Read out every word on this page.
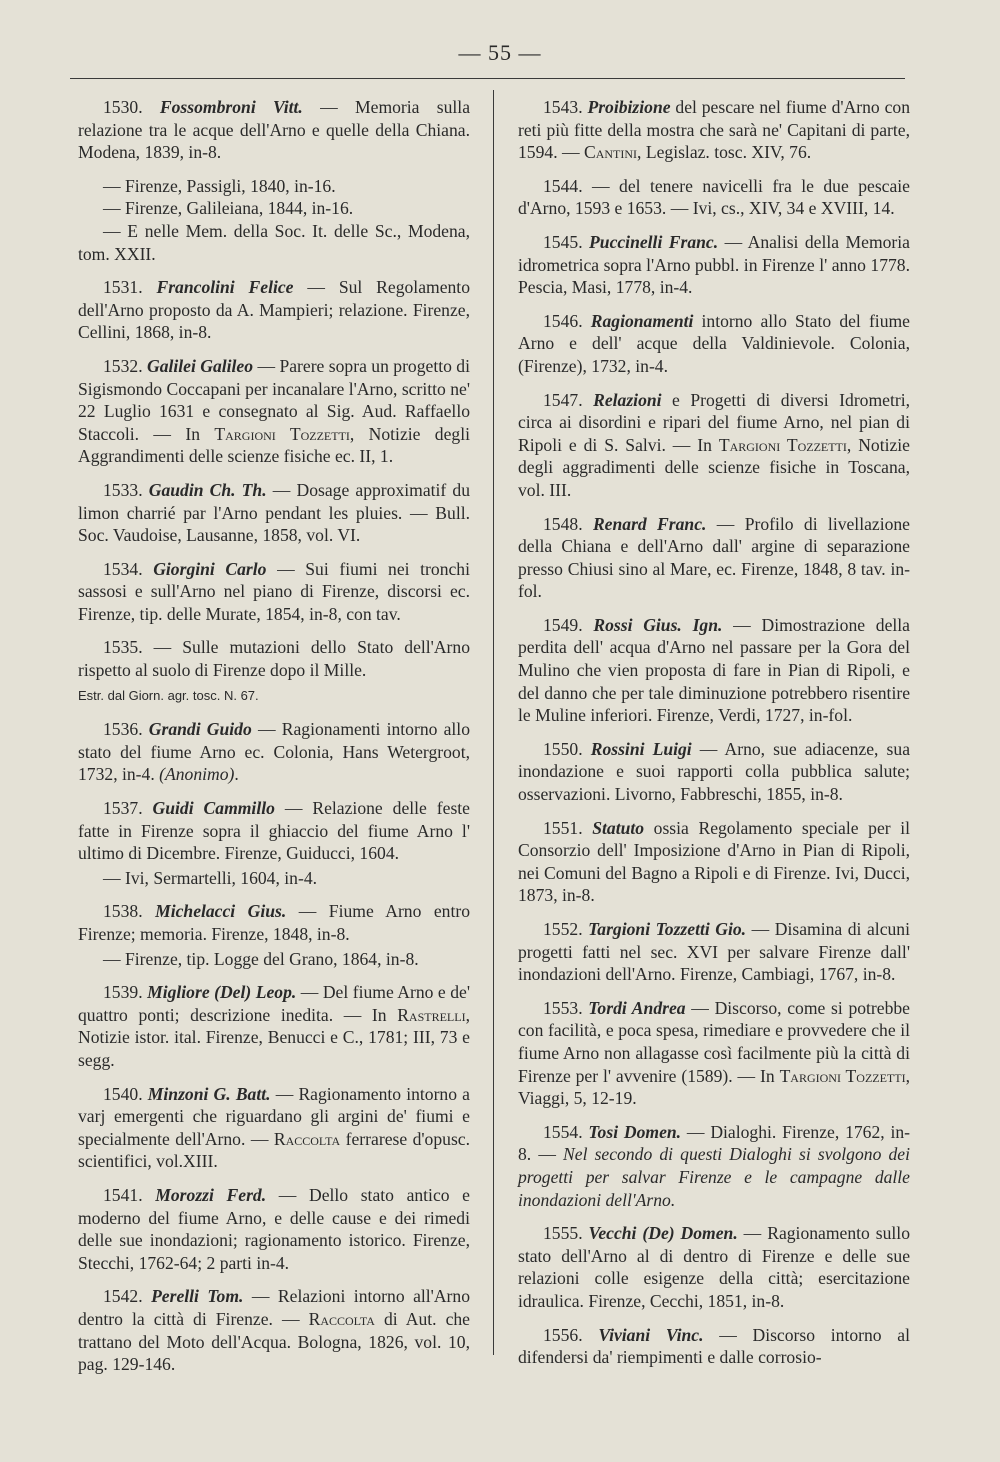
— 55 —

1530. Fossombroni Vitt. — Memoria sulla relazione tra le acque dell'Arno e quelle della Chiana. Modena, 1839, in-8.

— Firenze, Passigli, 1840, in-16.

— Firenze, Galileiana, 1844, in-16.

— E nelle Mem. della Soc. It. delle Sc., Modena, tom. XXII.

1531. Francolini Felice — Sul Regolamento dell'Arno proposto da A. Mampieri; relazione. Firenze, Cellini, 1868, in-8.

1532. Galilei Galileo — Parere sopra un progetto di Sigismondo Coccapani per incanalare l'Arno, scritto ne' 22 Luglio 1631 e consegnato al Sig. Aud. Raffaello Staccoli. — In Targioni Tozzetti, Notizie degli Aggrandimenti delle scienze fisiche ec. II, 1.

1533. Gaudin Ch. Th. — Dosage approximatif du limon charrié par l'Arno pendant les pluies. — Bull. Soc. Vaudoise, Lausanne, 1858, vol. VI.

1534. Giorgini Carlo — Sui fiumi nei tronchi sassosi e sull'Arno nel piano di Firenze, discorsi ec. Firenze, tip. delle Murate, 1854, in-8, con tav.

1535. — Sulle mutazioni dello Stato dell'Arno rispetto al suolo di Firenze dopo il Mille.

Estr. dal Giorn. agr. tosc. N. 67.

1536. Grandi Guido — Ragionamenti intorno allo stato del fiume Arno ec. Colonia, Hans Wetergroot, 1732, in-4. (Anonimo).

1537. Guidi Cammillo — Relazione delle feste fatte in Firenze sopra il ghiaccio del fiume Arno l' ultimo di Dicembre. Firenze, Guiducci, 1604.

— Ivi, Sermartelli, 1604, in-4.

1538. Michelacci Gius. — Fiume Arno entro Firenze; memoria. Firenze, 1848, in-8.

— Firenze, tip. Logge del Grano, 1864, in-8.

1539. Migliore (Del) Leop. — Del fiume Arno e de' quattro ponti; descrizione inedita. — In Rastrelli, Notizie istor. ital. Firenze, Benucci e C., 1781; III, 73 e segg.

1540. Minzoni G. Batt. — Ragionamento intorno a varj emergenti che riguardano gli argini de' fiumi e specialmente dell'Arno. — Raccolta ferrarese d'opusc. scientifici, vol.XIII.

1541. Morozzi Ferd. — Dello stato antico e moderno del fiume Arno, e delle cause e dei rimedi delle sue inondazioni; ragionamento istorico. Firenze, Stecchi, 1762-64; 2 parti in-4.

1542. Perelli Tom. — Relazioni intorno all'Arno dentro la città di Firenze. — Raccolta di Aut. che trattano del Moto dell'Acqua. Bologna, 1826, vol. 10, pag. 129-146.

1543. Proibizione del pescare nel fiume d'Arno con reti più fitte della mostra che sarà ne' Capitani di parte, 1594. — Cantini, Legislaz. tosc. XIV, 76.

1544. — del tenere navicelli fra le due pescaie d'Arno, 1593 e 1653. — Ivi, cs., XIV, 34 e XVIII, 14.

1545. Puccinelli Franc. — Analisi della Memoria idrometrica sopra l'Arno pubbl. in Firenze l' anno 1778. Pescia, Masi, 1778, in-4.

1546. Ragionamenti intorno allo Stato del fiume Arno e dell' acque della Valdinievole. Colonia, (Firenze), 1732, in-4.

1547. Relazioni e Progetti di diversi Idrometri, circa ai disordini e ripari del fiume Arno, nel pian di Ripoli e di S. Salvi. — In Targioni Tozzetti, Notizie degli aggradimenti delle scienze fisiche in Toscana, vol. III.

1548. Renard Franc. — Profilo di livellazione della Chiana e dell'Arno dall' argine di separazione presso Chiusi sino al Mare, ec. Firenze, 1848, 8 tav. in-fol.

1549. Rossi Gius. Ign. — Dimostrazione della perdita dell' acqua d'Arno nel passare per la Gora del Mulino che vien proposta di fare in Pian di Ripoli, e del danno che per tale diminuzione potrebbero risentire le Muline inferiori. Firenze, Verdi, 1727, in-fol.

1550. Rossini Luigi — Arno, sue adiacenze, sua inondazione e suoi rapporti colla pubblica salute; osservazioni. Livorno, Fabbreschi, 1855, in-8.

1551. Statuto ossia Regolamento speciale per il Consorzio dell' Imposizione d'Arno in Pian di Ripoli, nei Comuni del Bagno a Ripoli e di Firenze. Ivi, Ducci, 1873, in-8.

1552. Targioni Tozzetti Gio. — Disamina di alcuni progetti fatti nel sec. XVI per salvare Firenze dall' inondazioni dell'Arno. Firenze, Cambiagi, 1767, in-8.

1553. Tordi Andrea — Discorso, come si potrebbe con facilità, e poca spesa, rimediare e provvedere che il fiume Arno non allagasse così facilmente più la città di Firenze per l' avvenire (1589). — In Targioni Tozzetti, Viaggi, 5, 12-19.

1554. Tosi Domen. — Dialoghi. Firenze, 1762, in-8. — Nel secondo di questi Dialoghi si svolgono dei progetti per salvar Firenze e le campagne dalle inondazioni dell'Arno.

1555. Vecchi (De) Domen. — Ragionamento sullo stato dell'Arno al di dentro di Firenze e delle sue relazioni colle esigenze della città; esercitazione idraulica. Firenze, Cecchi, 1851, in-8.

1556. Viviani Vinc. — Discorso intorno al difendersi da' riempimenti e dalle corrosio-
